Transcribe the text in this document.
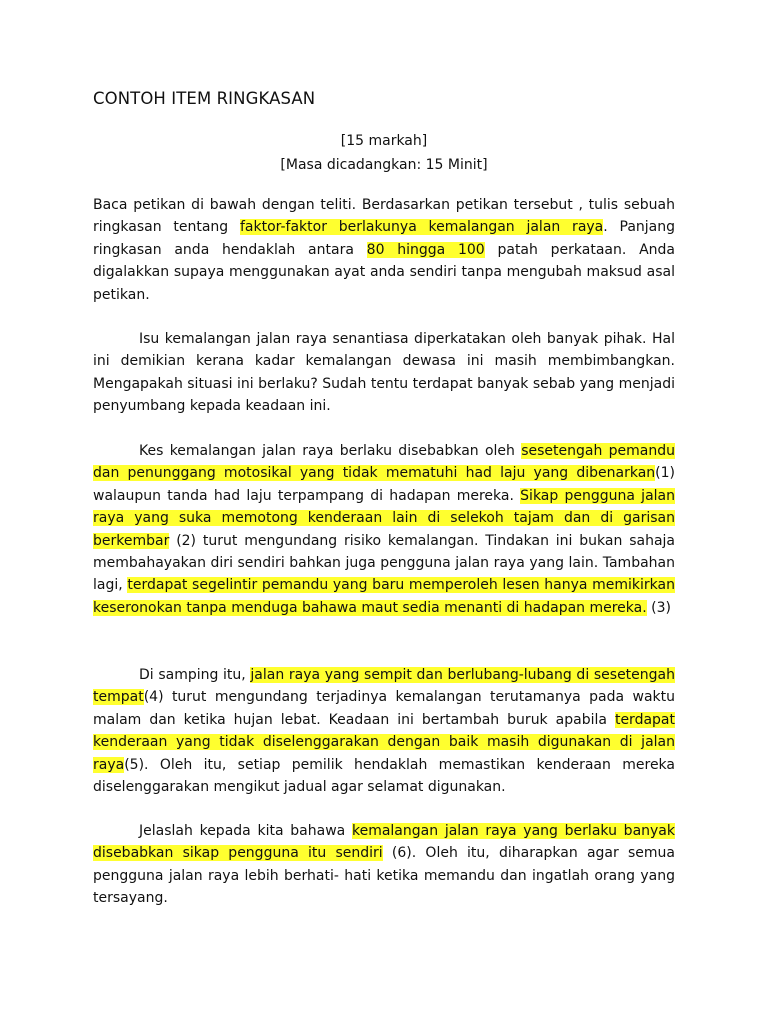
CONTOH ITEM RINGKASAN
[15 markah]
[Masa dicadangkan: 15 Minit]

Baca petikan di bawah dengan teliti. Berdasarkan petikan tersebut , tulis sebuah ringkasan tentang faktor-faktor berlakunya kemalangan jalan raya. Panjang ringkasan anda hendaklah antara 80 hingga 100 patah perkataan. Anda digalakkan supaya menggunakan ayat anda sendiri tanpa mengubah maksud asal petikan.

Isu kemalangan jalan raya senantiasa diperkatakan oleh banyak pihak. Hal ini demikian kerana kadar kemalangan dewasa ini masih membimbangkan. Mengapakah situasi ini berlaku? Sudah tentu terdapat banyak sebab yang menjadi penyumbang kepada keadaan ini.

Kes kemalangan jalan raya berlaku disebabkan oleh sesetengah pemandu dan penunggang motosikal yang tidak mematuhi had laju yang dibenarkan(1) walaupun tanda had laju terpampang di hadapan mereka. Sikap pengguna jalan raya yang suka memotong kenderaan lain di selekoh tajam dan di garisan berkembar (2) turut mengundang risiko kemalangan. Tindakan ini bukan sahaja membahayakan diri sendiri bahkan juga pengguna jalan raya yang lain. Tambahan lagi, terdapat segelintir pemandu yang baru memperoleh lesen hanya memikirkan keseronokan tanpa menduga bahawa maut sedia menanti di hadapan mereka. (3)

Di samping itu, jalan raya yang sempit dan berlubang-lubang di sesetengah tempat(4) turut mengundang terjadinya kemalangan terutamanya pada waktu malam dan ketika hujan lebat. Keadaan ini bertambah buruk apabila terdapat kenderaan yang tidak diselenggarakan dengan baik masih digunakan di jalan raya(5). Oleh itu, setiap pemilik hendaklah memastikan kenderaan mereka diselenggarakan mengikut jadual agar selamat digunakan.

Jelaslah kepada kita bahawa kemalangan jalan raya yang berlaku banyak disebabkan sikap pengguna itu sendiri (6). Oleh itu, diharapkan agar semua pengguna jalan raya lebih berhati- hati ketika memandu dan ingatlah orang yang tersayang.
